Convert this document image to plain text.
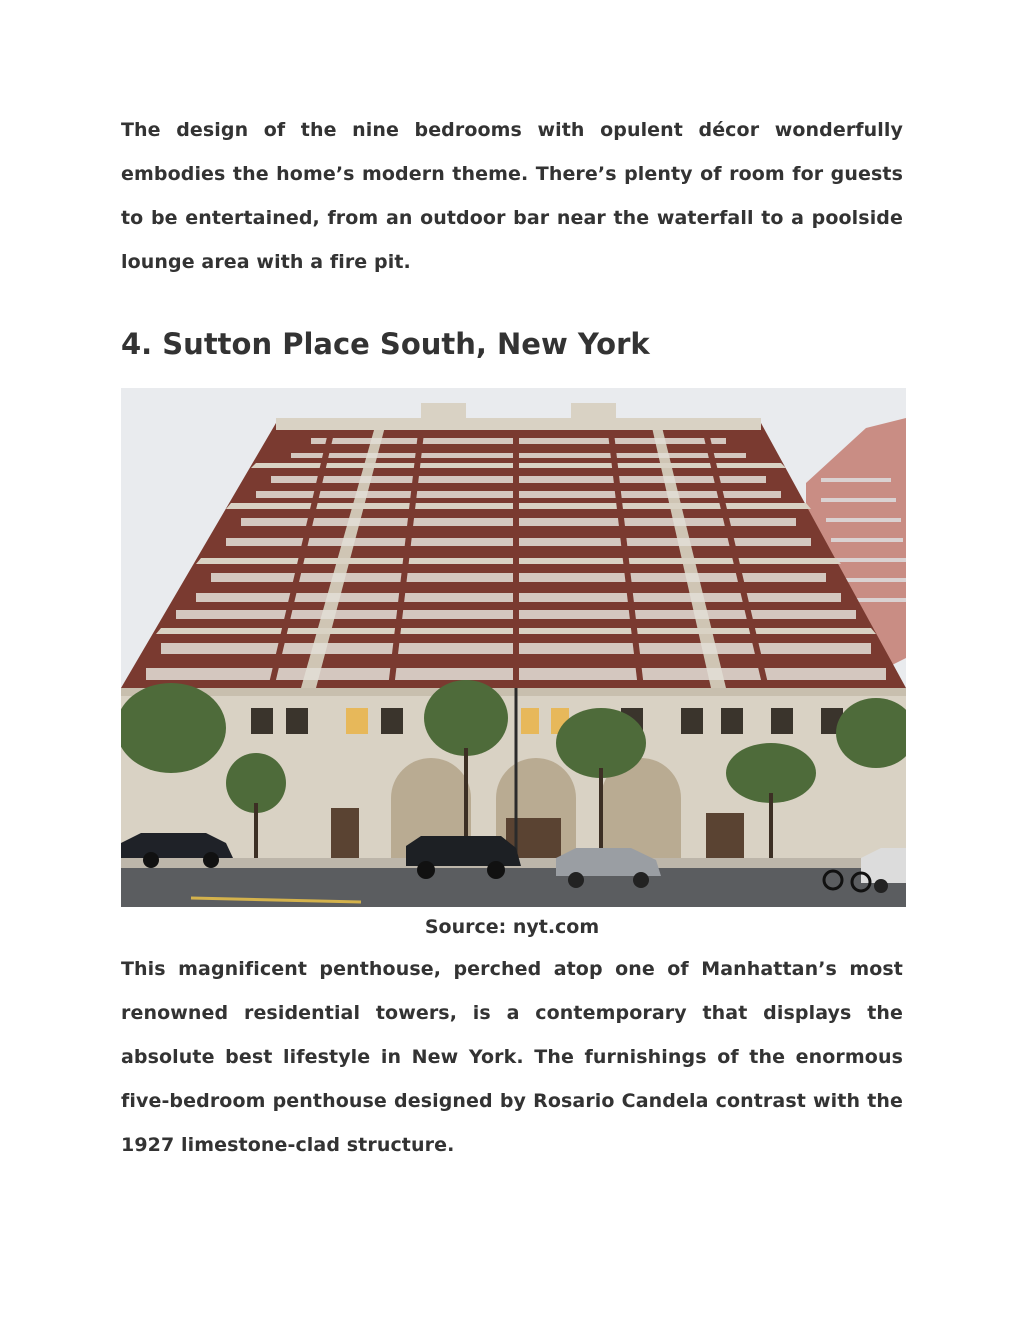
The design of the nine bedrooms with opulent décor wonderfully embodies the home’s modern theme. There’s plenty of room for guests to be entertained, from an outdoor bar near the waterfall to a poolside lounge area with a fire pit.

4. Sutton Place South, New York

Source: nyt.com

This magnificent penthouse, perched atop one of Manhattan’s most renowned residential towers, is a contemporary that displays the absolute best lifestyle in New York. The furnishings of the enormous five-bedroom penthouse designed by Rosario Candela contrast with the 1927 limestone-clad structure.
